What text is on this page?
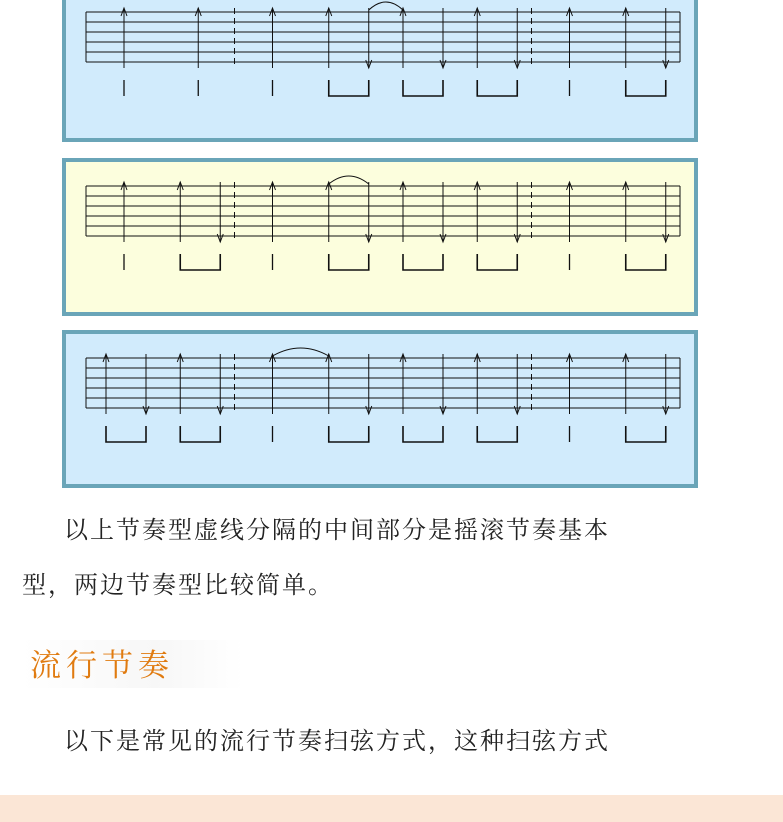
以上节奏型虚线分隔的中间部分是摇滚节奏基本

型，两边节奏型比较简单。

流行节奏

以下是常见的流行节奏扫弦方式，这种扫弦方式
